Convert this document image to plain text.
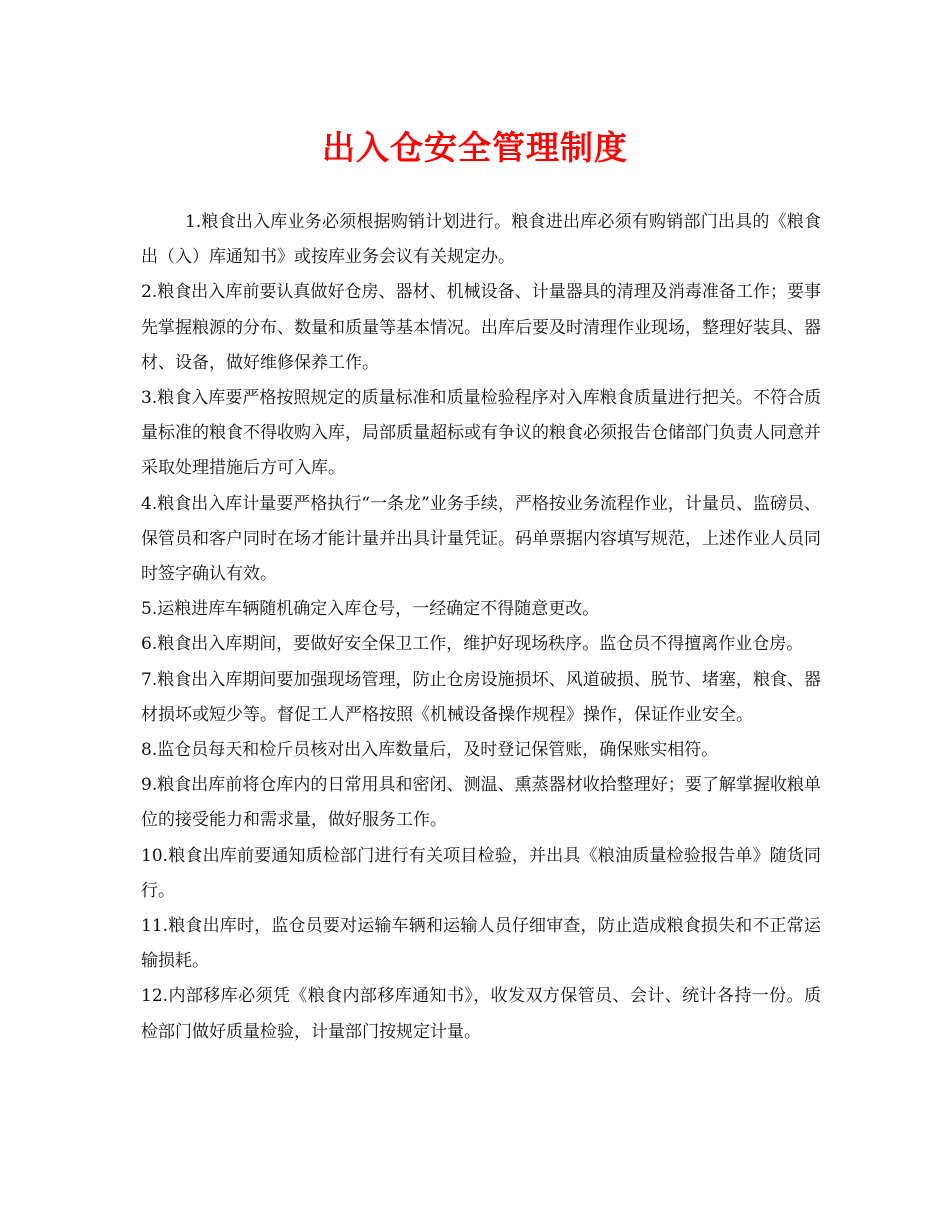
出入仓安全管理制度

1.粮食出入库业务必须根据购销计划进行。粮食进出库必须有购销部门出具的《粮食出（入）库通知书》或按库业务会议有关规定办。

2.粮食出入库前要认真做好仓房、器材、机械设备、计量器具的清理及消毒准备工作；要事先掌握粮源的分布、数量和质量等基本情况。出库后要及时清理作业现场，整理好装具、器材、设备，做好维修保养工作。

3.粮食入库要严格按照规定的质量标准和质量检验程序对入库粮食质量进行把关。不符合质量标准的粮食不得收购入库，局部质量超标或有争议的粮食必须报告仓储部门负责人同意并采取处理措施后方可入库。

4.粮食出入库计量要严格执行“一条龙”业务手续，严格按业务流程作业，计量员、监磅员、保管员和客户同时在场才能计量并出具计量凭证。码单票据内容填写规范，上述作业人员同时签字确认有效。

5.运粮进库车辆随机确定入库仓号，一经确定不得随意更改。

6.粮食出入库期间，要做好安全保卫工作，维护好现场秩序。监仓员不得擅离作业仓房。

7.粮食出入库期间要加强现场管理，防止仓房设施损坏、风道破损、脱节、堵塞，粮食、器材损坏或短少等。督促工人严格按照《机械设备操作规程》操作，保证作业安全。

8.监仓员每天和检斤员核对出入库数量后，及时登记保管账，确保账实相符。

9.粮食出库前将仓库内的日常用具和密闭、测温、熏蒸器材收拾整理好；要了解掌握收粮单位的接受能力和需求量，做好服务工作。

10.粮食出库前要通知质检部门进行有关项目检验，并出具《粮油质量检验报告单》随货同行。

11.粮食出库时，监仓员要对运输车辆和运输人员仔细审查，防止造成粮食损失和不正常运输损耗。

12.内部移库必须凭《粮食内部移库通知书》，收发双方保管员、会计、统计各持一份。质检部门做好质量检验，计量部门按规定计量。
